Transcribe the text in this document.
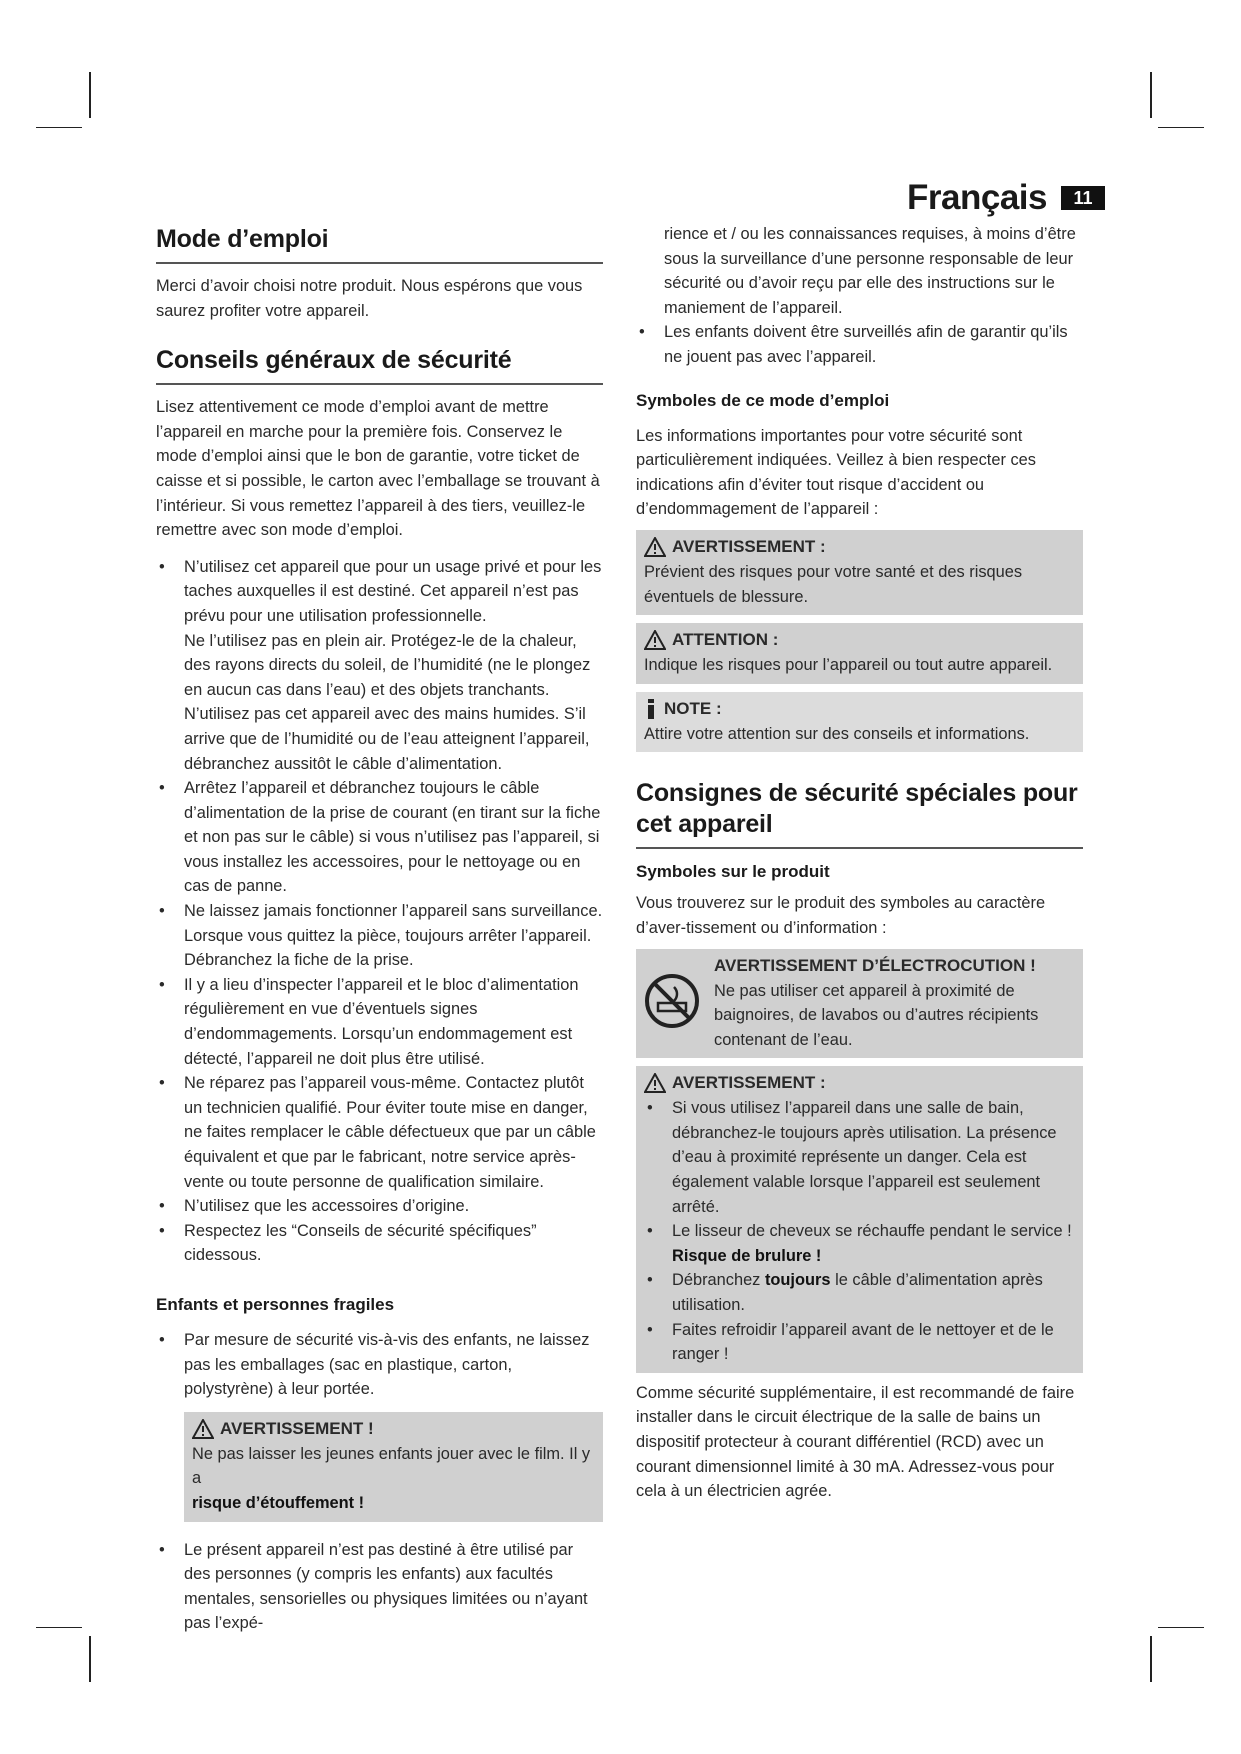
Français	11
Mode d’emploi

Merci d’avoir choisi notre produit. Nous espérons que vous saurez profiter votre appareil.

Conseils généraux de sécurité

Lisez attentivement ce mode d’emploi avant de mettre l’appareil en marche pour la première fois. Conservez le mode d’emploi ainsi que le bon de garantie, votre ticket de caisse et si possible, le carton avec l’emballage se trouvant à l’intérieur. Si vous remettez l’appareil à des tiers, veuillez-le remettre avec son mode d’emploi.

• N’utilisez cet appareil que pour un usage privé et pour les taches auxquelles il est destiné. Cet appareil n’est pas prévu pour une utilisation professionnelle.
Ne l’utilisez pas en plein air. Protégez-le de la chaleur, des rayons directs du soleil, de l’humidité (ne le plongez en aucun cas dans l’eau) et des objets tranchants. N’utilisez pas cet appareil avec des mains humides. S’il arrive que de l’humidité ou de l’eau atteignent l’appareil, débranchez aussitôt le câble d’alimentation.
• Arrêtez l’appareil et débranchez toujours le câble d’alimentation de la prise de courant (en tirant sur la fiche et non pas sur le câble) si vous n’utilisez pas l’appareil, si vous installez les accessoires, pour le nettoyage ou en cas de panne.
• Ne laissez jamais fonctionner l’appareil sans surveillance. Lorsque vous quittez la pièce, toujours arrêter l’appareil. Débranchez la fiche de la prise.
• Il y a lieu d’inspecter l’appareil et le bloc d’alimentation régulièrement en vue d’éventuels signes d’endommagements. Lorsqu’un endommagement est détecté, l’appareil ne doit plus être utilisé.
• Ne réparez pas l’appareil vous-même. Contactez plutôt un technicien qualifié. Pour éviter toute mise en danger, ne faites remplacer le câble défectueux que par un câble équivalent et que par le fabricant, notre service après-vente ou toute personne de qualification similaire.
• N’utilisez que les accessoires d’origine.
• Respectez les “Conseils de sécurité spécifiques” cidessous.
Enfants et personnes fragiles
• Par mesure de sécurité vis-à-vis des enfants, ne laissez pas les emballages (sac en plastique, carton, polystyrène) à leur portée.
AVERTISSEMENT !
Ne pas laisser les jeunes enfants jouer avec le film. Il y a
risque d’étouffement !
• Le présent appareil n’est pas destiné à être utilisé par des personnes (y compris les enfants) aux facultés mentales, sensorielles ou physiques limitées ou n’ayant pas l’expé-

rience et / ou les connaissances requises, à moins d’être sous la surveillance d’une personne responsable de leur sécurité ou d’avoir reçu par elle des instructions sur le maniement de l’appareil.

• Les enfants doivent être surveillés afin de garantir qu’ils ne jouent pas avec l’appareil.
Symboles de ce mode d’emploi

Les informations importantes pour votre sécurité sont particulièrement indiquées. Veillez à bien respecter ces indications afin d’éviter tout risque d’accident ou d’endommagement de l’appareil :

AVERTISSEMENT :
Prévient des risques pour votre santé et des risques éventuels de blessure.
ATTENTION :
Indique les risques pour l’appareil ou tout autre appareil.
NOTE :
Attire votre attention sur des conseils et informations.
Consignes de sécurité spéciales pour cet appareil
Symboles sur le produit

Vous trouverez sur le produit des symboles au caractère d’aver-tissement ou d’information :

AVERTISSEMENT D’ÉLECTROCUTION !
Ne pas utiliser cet appareil à proximité de baignoires, de lavabos ou d’autres récipients contenant de l’eau.
AVERTISSEMENT :
• Si vous utilisez l’appareil dans une salle de bain, débranchez-le toujours après utilisation. La présence d’eau à proximité représente un danger. Cela est également valable lorsque l’appareil est seulement arrêté.
• Le lisseur de cheveux se réchauffe pendant le service !
Risque de brulure !
• Débranchez toujours le câble d’alimentation après utilisation.
• Faites refroidir l’appareil avant de le nettoyer et de le ranger !

Comme sécurité supplémentaire, il est recommandé de faire installer dans le circuit électrique de la salle de bains un dispositif protecteur à courant différentiel (RCD) avec un courant dimensionnel limité à 30 mA. Adressez-vous pour cela à un électricien agrée.
